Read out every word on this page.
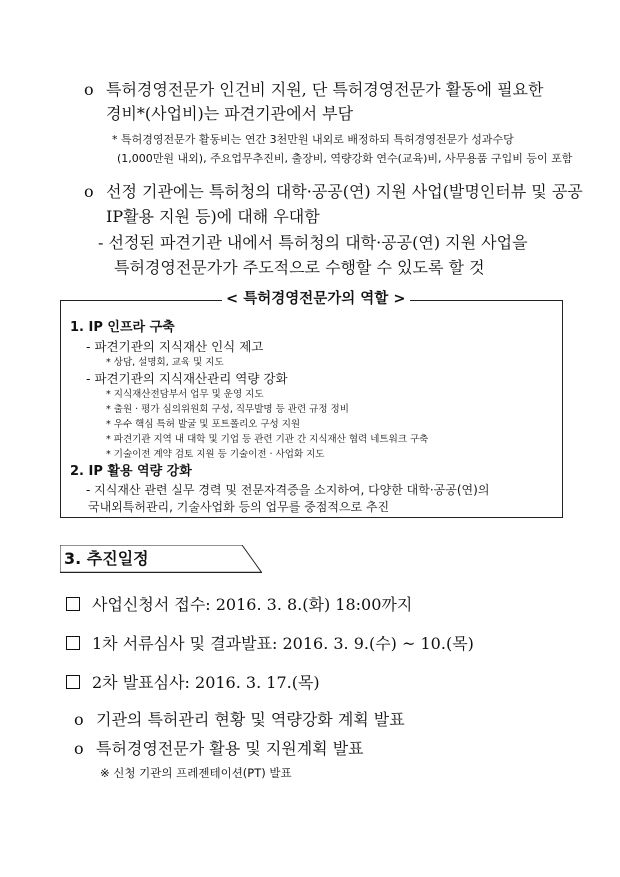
o 특허경영전문가 인건비 지원, 단 특허경영전문가 활동에 필요한
경비*(사업비)는 파견기관에서 부담
* 특허경영전문가 활동비는 연간 3천만원 내외로 배정하되 특허경영전문가 성과수당
(1,000만원 내외), 주요업무추진비, 출장비, 역량강화 연수(교육)비, 사무용품 구입비 등이 포함
o 선정 기관에는 특허청의 대학·공공(연) 지원 사업(발명인터뷰 및 공공
IP활용 지원 등)에 대해 우대함
- 선정된 파견기관 내에서 특허청의 대학·공공(연) 지원 사업을
특허경영전문가가 주도적으로 수행할 수 있도록 할 것
< 특허경영전문가의 역할 >
1. IP 인프라 구축
- 파견기관의 지식재산 인식 제고
* 상담, 설명회, 교육 및 지도
- 파견기관의 지식재산관리 역량 강화
* 지식재산전담부서 업무 및 운영 지도
* 출원 · 평가 심의위원회 구성, 직무발명 등 관련 규정 정비
* 우수 핵심 특허 발굴 및 포트폴리오 구성 지원
* 파견기관 지역 내 대학 및 기업 등 관련 기관 간 지식재산 협력 네트워크 구축
* 기술이전 계약 검토 지원 등 기술이전 · 사업화 지도
2. IP 활용 역량 강화
- 지식재산 관련 실무 경력 및 전문자격증을 소지하여, 다양한 대학·공공(연)의
국내외특허관리, 기술사업화 등의 업무를 중점적으로 추진
3. 추진일정
사업신청서 접수: 2016. 3. 8.(화) 18:00까지
1차 서류심사 및 결과발표: 2016. 3. 9.(수) ~ 10.(목)
2차 발표심사: 2016. 3. 17.(목)
o 기관의 특허관리 현황 및 역량강화 계획 발표
o 특허경영전문가 활용 및 지원계획 발표
※ 신청 기관의 프레젠테이션(PT) 발표
